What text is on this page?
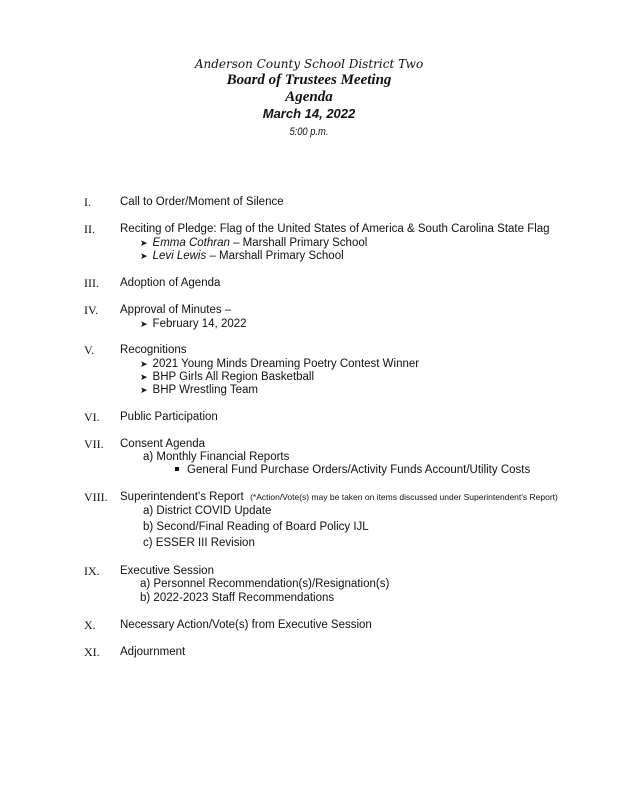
Anderson County School District Two
Board of Trustees Meeting
Agenda
March 14, 2022
5:00 p.m.
I.	Call to Order/Moment of Silence
II. Reciting of Pledge: Flag of the United States of America & South Carolina State Flag
➤ Emma Cothran – Marshall Primary School
➤ Levi Lewis – Marshall Primary School
III. Adoption of Agenda
IV. Approval of Minutes –
➤ February 14, 2022
V. Recognitions
➤ 2021 Young Minds Dreaming Poetry Contest Winner
➤ BHP Girls All Region Basketball
➤ BHP Wrestling Team
VI. Public Participation
VII. Consent Agenda
a) Monthly Financial Reports
General Fund Purchase Orders/Activity Funds Account/Utility Costs
VIII. Superintendent's Report (*Action/Vote(s) may be taken on items discussed under Superintendent's Report)
a) District COVID Update
b) Second/Final Reading of Board Policy IJL
c) ESSER III Revision
IX. Executive Session
a) Personnel Recommendation(s)/Resignation(s)
b) 2022-2023 Staff Recommendations
X. Necessary Action/Vote(s) from Executive Session
XI. Adjournment
